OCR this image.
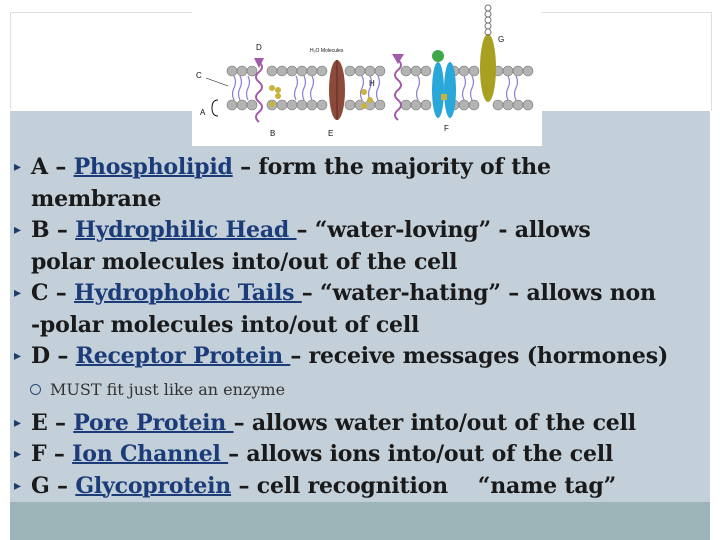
D	H₂O Molecules
G
C
H
A
B	E
F
▸ A – Phospholipid – form the majority of the
membrane
▸ B – Hydrophilic Head – “water-loving” - allows
polar molecules into/out of the cell
▸ C – Hydrophobic Tails – “water-hating” – allows non
-polar molecules into/out of cell
▸ D – Receptor Protein – receive messages (hormones)
MUST fit just like an enzyme
▸ E – Pore Protein – allows water into/out of the cell
▸ F – Ion Channel – allows ions into/out of the cell
▸ G – Glycoprotein – cell recognition    “name tag”
